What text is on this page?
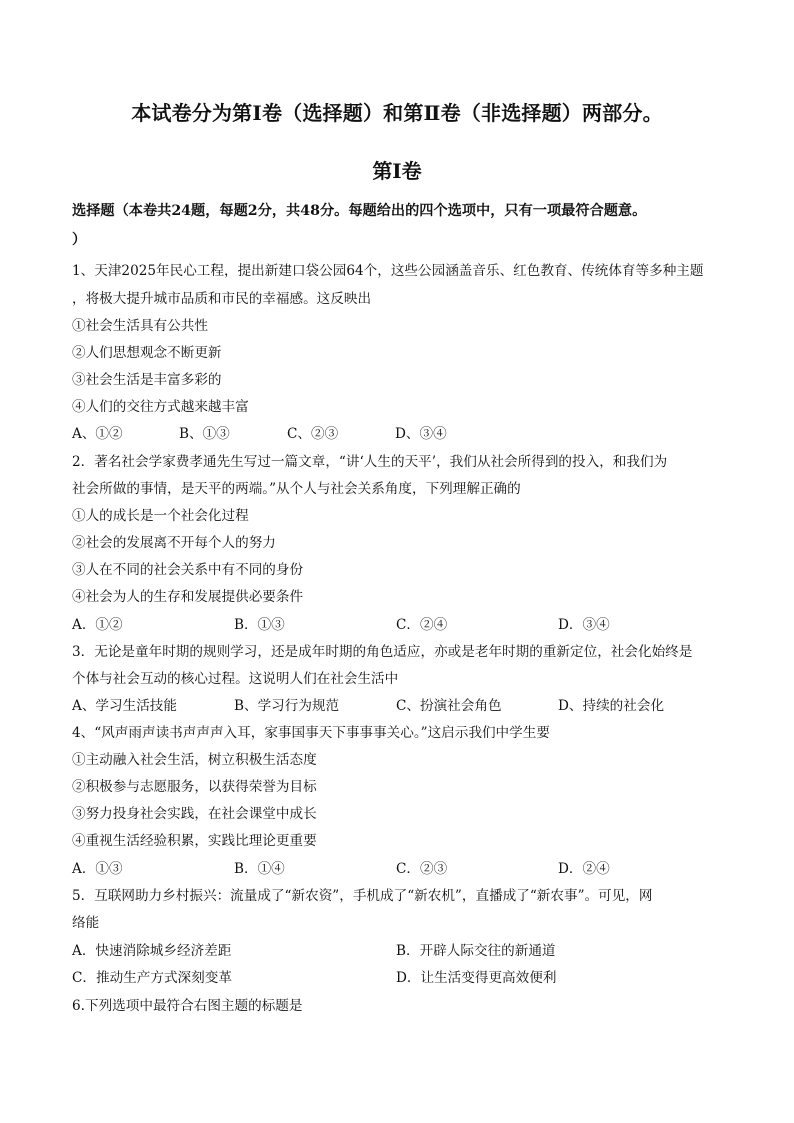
本试卷分为第Ⅰ卷（选择题）和第Ⅱ卷（非选择题）两部分。
第Ⅰ卷
选择题（本卷共24题，每题2分，共48分。每题给出的四个选项中，只有一项最符合题意。
）
1、天津2025年民心工程，提出新建口袋公园64个，这些公园涵盖音乐、红色教育、传统体育等多种主题
，将极大提升城市品质和市民的幸福感。这反映出
①社会生活具有公共性
②人们思想观念不断更新
③社会生活是丰富多彩的
④人们的交往方式越来越丰富
A、①②	B、①③	C、②③	D、③④
2．著名社会学家费孝通先生写过一篇文章，“讲‘人生的天平’，我们从社会所得到的投入，和我们为
社会所做的事情，是天平的两端。”从个人与社会关系角度，下列理解正确的
①人的成长是一个社会化过程
②社会的发展离不开每个人的努力
③人在不同的社会关系中有不同的身份
④社会为人的生存和发展提供必要条件
A．①②	B．①③	C．②④	D．③④
3．无论是童年时期的规则学习，还是成年时期的角色适应，亦或是老年时期的重新定位，社会化始终是
个体与社会互动的核心过程。这说明人们在社会生活中
A、学习生活技能	B、学习行为规范	C、扮演社会角色	D、持续的社会化
4、“风声雨声读书声声声入耳，家事国事天下事事事关心。”这启示我们中学生要
①主动融入社会生活，树立积极生活态度
②积极参与志愿服务，以获得荣誉为目标
③努力投身社会实践，在社会课堂中成长
④重视生活经验积累，实践比理论更重要
A．①③	B．①④	C．②③	D．②④
5．互联网助力乡村振兴：流量成了“新农资”，手机成了“新农机”，直播成了“新农事”。可见，网
络能
A．快速消除城乡经济差距	B．开辟人际交往的新通道
C．推动生产方式深刻变革	D．让生活变得更高效便利
6.下列选项中最符合右图主题的标题是
